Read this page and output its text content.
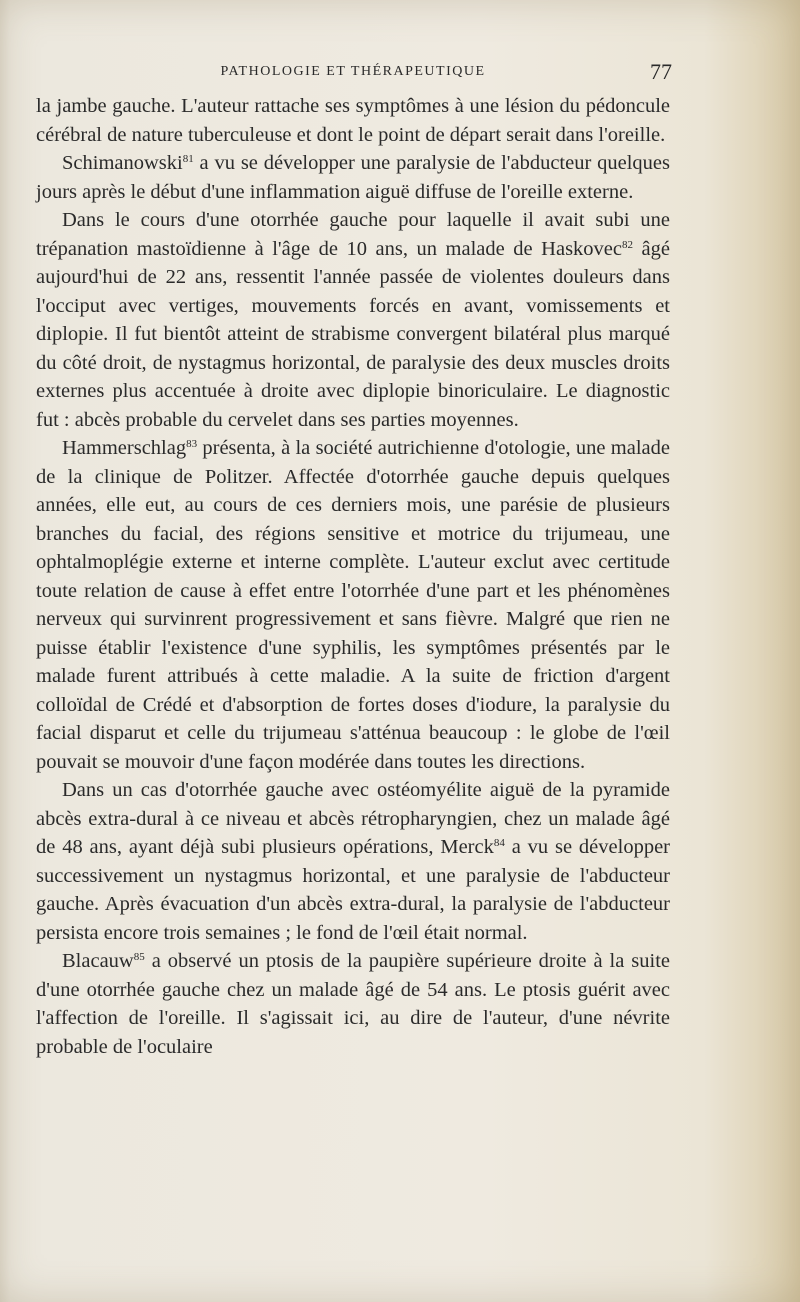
PATHOLOGIE ET THÉRAPEUTIQUE	77

la jambe gauche. L'auteur rattache ses symptômes à une lésion du pédoncule cérébral de nature tuberculeuse et dont le point de départ serait dans l'oreille.

Schimanowski$^{81}$ a vu se développer une paralysie de l'abducteur quelques jours après le début d'une inflammation aiguë diffuse de l'oreille externe.

Dans le cours d'une otorrhée gauche pour laquelle il avait subi une trépanation mastoïdienne à l'âge de 10 ans, un malade de Haskovec$^{82}$ âgé aujourd'hui de 22 ans, ressentit l'année passée de violentes douleurs dans l'occiput avec vertiges, mouvements forcés en avant, vomissements et diplopie. Il fut bientôt atteint de strabisme convergent bilatéral plus marqué du côté droit, de nystagmus horizontal, de paralysie des deux muscles droits externes plus accentuée à droite avec diplopie binoriculaire. Le diagnostic fut : abcès probable du cervelet dans ses parties moyennes.

Hammerschlag$^{83}$ présenta, à la société autrichienne d'otologie, une malade de la clinique de Politzer. Affectée d'otorrhée gauche depuis quelques années, elle eut, au cours de ces derniers mois, une parésie de plusieurs branches du facial, des régions sensitive et motrice du trijumeau, une ophtalmoplégie externe et interne complète. L'auteur exclut avec certitude toute relation de cause à effet entre l'otorrhée d'une part et les phénomènes nerveux qui survinrent progressivement et sans fièvre. Malgré que rien ne puisse établir l'existence d'une syphilis, les symptômes présentés par le malade furent attribués à cette maladie. A la suite de friction d'argent colloïdal de Crédé et d'absorption de fortes doses d'iodure, la paralysie du facial disparut et celle du trijumeau s'atténua beaucoup : le globe de l'œil pouvait se mouvoir d'une façon modérée dans toutes les directions.

Dans un cas d'otorrhée gauche avec ostéomyélite aiguë de la pyramide abcès extra-dural à ce niveau et abcès rétropharyngien, chez un malade âgé de 48 ans, ayant déjà subi plusieurs opérations, Merck$^{84}$ a vu se développer successivement un nystagmus horizontal, et une paralysie de l'abducteur gauche. Après évacuation d'un abcès extra-dural, la paralysie de l'abducteur persista encore trois semaines ; le fond de l'œil était normal.

Blacauw$^{85}$ a observé un ptosis de la paupière supérieure droite à la suite d'une otorrhée gauche chez un malade âgé de 54 ans. Le ptosis guérit avec l'affection de l'oreille. Il s'agissait ici, au dire de l'auteur, d'une névrite probable de l'oculaire
